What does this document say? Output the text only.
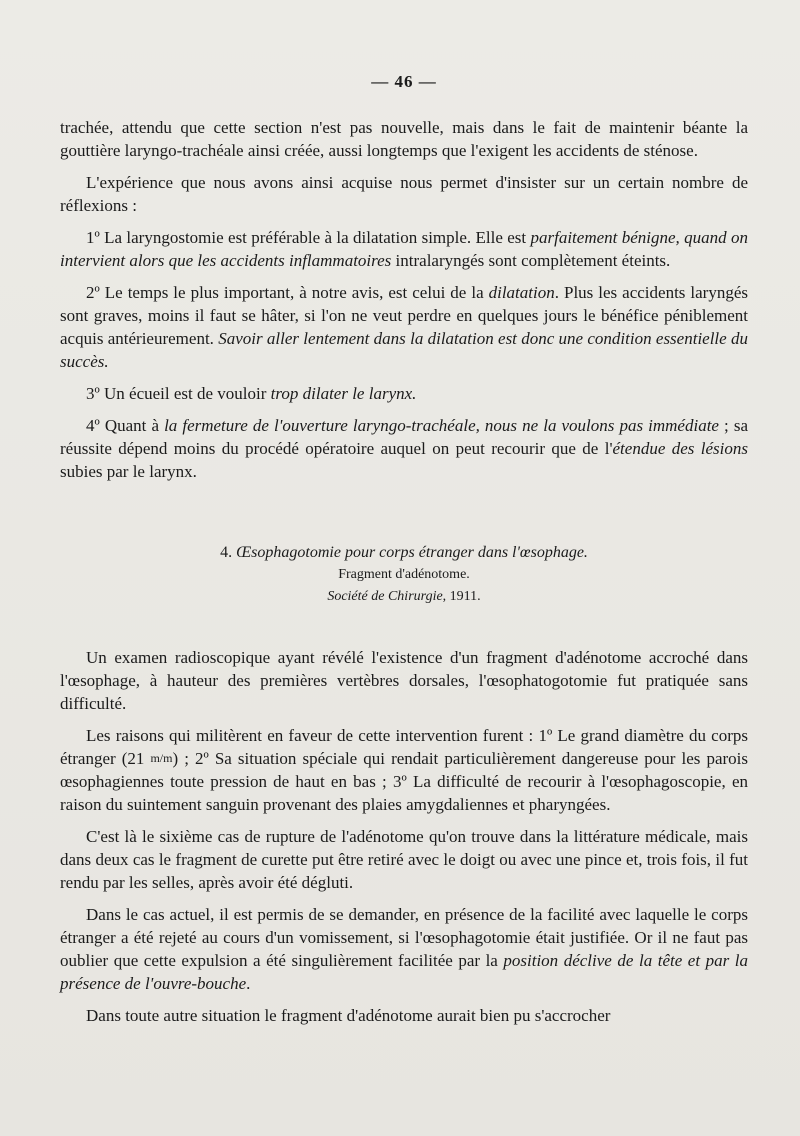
— 46 —

trachée, attendu que cette section n'est pas nouvelle, mais dans le fait de maintenir béante la gouttière laryngo-trachéale ainsi créée, aussi longtemps que l'exigent les accidents de sténose.

L'expérience que nous avons ainsi acquise nous permet d'insister sur un certain nombre de réflexions :

1º La laryngostomie est préférable à la dilatation simple. Elle est parfaitement bénigne, quand on intervient alors que les accidents inflammatoires intralaryngés sont complètement éteints.

2º Le temps le plus important, à notre avis, est celui de la dilatation. Plus les accidents laryngés sont graves, moins il faut se hâter, si l'on ne veut perdre en quelques jours le bénéfice péniblement acquis antérieurement. Savoir aller lentement dans la dilatation est donc une condition essentielle du succès.

3º Un écueil est de vouloir trop dilater le larynx.

4º Quant à la fermeture de l'ouverture laryngo-trachéale, nous ne la voulons pas immédiate ; sa réussite dépend moins du procédé opératoire auquel on peut recourir que de l'étendue des lésions subies par le larynx.

4. Œsophagotomie pour corps étranger dans l'œsophage.

Fragment d'adénotome.

Société de Chirurgie, 1911.

Un examen radioscopique ayant révélé l'existence d'un fragment d'adénotome accroché dans l'œsophage, à hauteur des premières vertèbres dorsales, l'œsophatogotomie fut pratiquée sans difficulté.

Les raisons qui militèrent en faveur de cette intervention furent : 1º Le grand diamètre du corps étranger (21 m/m) ; 2º Sa situation spéciale qui rendait particulièrement dangereuse pour les parois œsophagiennes toute pression de haut en bas ; 3º La difficulté de recourir à l'œsophagoscopie, en raison du suintement sanguin provenant des plaies amygdaliennes et pharyngées.

C'est là le sixième cas de rupture de l'adénotome qu'on trouve dans la littérature médicale, mais dans deux cas le fragment de curette put être retiré avec le doigt ou avec une pince et, trois fois, il fut rendu par les selles, après avoir été dégluti.

Dans le cas actuel, il est permis de se demander, en présence de la facilité avec laquelle le corps étranger a été rejeté au cours d'un vomissement, si l'œsophagotomie était justifiée. Or il ne faut pas oublier que cette expulsion a été singulièrement facilitée par la position déclive de la tête et par la présence de l'ouvre-bouche.

Dans toute autre situation le fragment d'adénotome aurait bien pu s'accrocher
